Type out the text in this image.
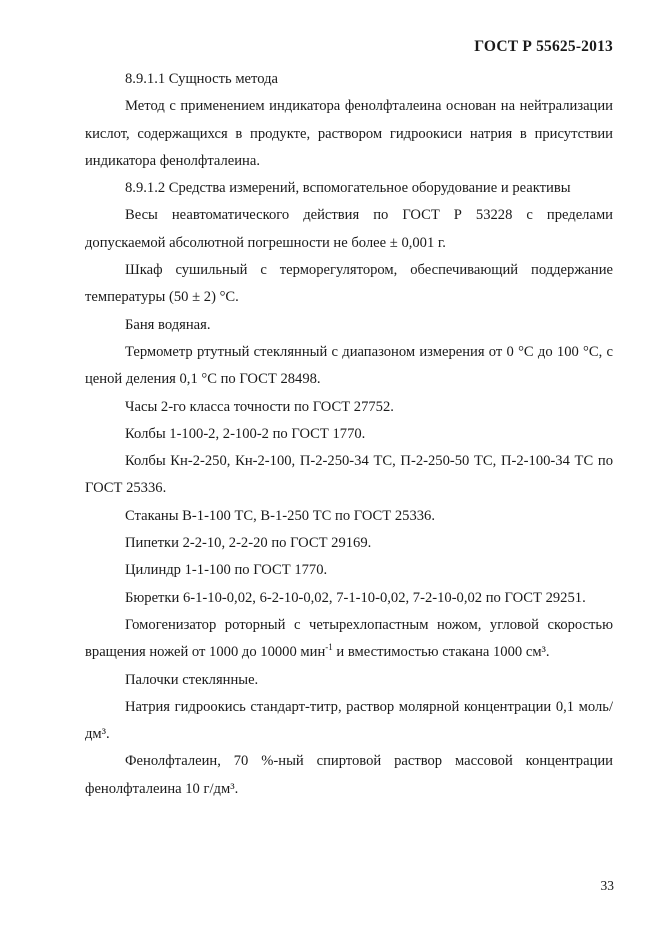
ГОСТ Р 55625-2013

8.9.1.1 Сущность метода

Метод с применением индикатора фенолфталеина основан на нейтрализации кислот, содержащихся в продукте, раствором гидроокиси натрия в присутствии индикатора фенолфталеина.

8.9.1.2 Средства измерений, вспомогательное оборудование и реактивы

Весы неавтоматического действия по ГОСТ Р 53228 с пределами допускаемой абсолютной погрешности не более ± 0,001 г.

Шкаф сушильный с терморегулятором, обеспечивающий поддержание температуры (50 ± 2) °С.

Баня водяная.

Термометр ртутный стеклянный с диапазоном измерения от 0 °С до 100 °С, с ценой деления 0,1 °С по ГОСТ 28498.

Часы 2-го класса точности по ГОСТ 27752.

Колбы 1-100-2, 2-100-2 по ГОСТ 1770.

Колбы Кн-2-250, Кн-2-100, П-2-250-34 ТС, П-2-250-50 ТС, П-2-100-34 ТС по ГОСТ 25336.

Стаканы В-1-100 ТС, В-1-250 ТС по ГОСТ 25336.

Пипетки 2-2-10, 2-2-20 по ГОСТ 29169.

Цилиндр 1-1-100 по ГОСТ 1770.

Бюретки 6-1-10-0,02, 6-2-10-0,02, 7-1-10-0,02, 7-2-10-0,02 по ГОСТ 29251.

Гомогенизатор роторный с четырехлопастным ножом, угловой скоростью вращения ножей от 1000 до 10000 мин$^{-1}$ и вместимостью стакана 1000 см³.

Палочки стеклянные.

Натрия гидроокись стандарт-титр, раствор молярной концентрации 0,1 моль/дм³.

Фенолфталеин, 70 %-ный спиртовой раствор массовой концентрации фенолфталеина 10 г/дм³.

33
